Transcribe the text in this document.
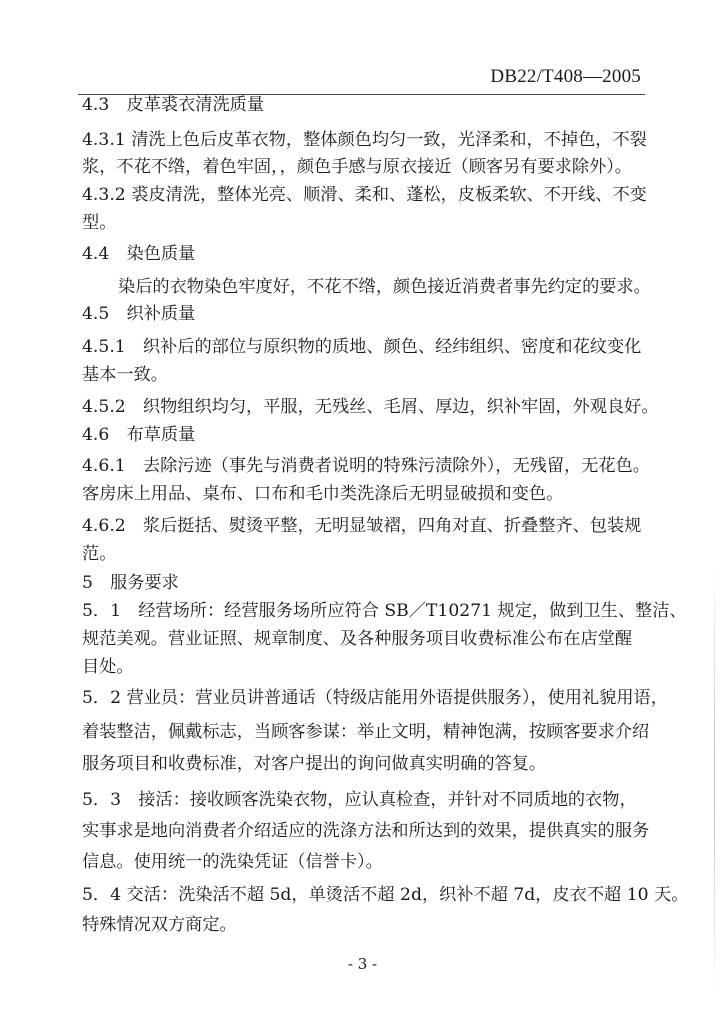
DB22/T408—2005
4.3　皮革裘衣清洗质量
4.3.1 清洗上色后皮革衣物，整体颜色均匀一致，光泽柔和，不掉色，不裂
浆，不花不绺，着色牢固，，颜色手感与原衣接近（顾客另有要求除外）。
4.3.2 裘皮清洗，整体光亮、顺滑、柔和、蓬松，皮板柔软、不开线、不变
型。
4.4　染色质量
染后的衣物染色牢度好，不花不绺，颜色接近消费者事先约定的要求。
4.5　织补质量
4.5.1　织补后的部位与原织物的质地、颜色、经纬组织、密度和花纹变化
基本一致。
4.5.2　织物组织均匀，平服，无残丝、毛屑、厚边，织补牢固，外观良好。
4.6　布草质量
4.6.1　去除污迹（事先与消费者说明的特殊污渍除外），无残留，无花色。
客房床上用品、桌布、口布和毛巾类洗涤后无明显破损和变色。
4.6.2　浆后挺括、熨烫平整，无明显皱褶，四角对直、折叠整齐、包装规
范。
5　服务要求
5．1　经营场所：经营服务场所应符合 SB／T10271 规定，做到卫生、整洁、
规范美观。营业证照、规章制度、及各种服务项目收费标准公布在店堂醒
目处。
5．2 营业员：营业员讲普通话（特级店能用外语提供服务），使用礼貌用语，
着装整洁，佩戴标志，当顾客参谋：举止文明，精神饱满，按顾客要求介绍
服务项目和收费标准，对客户提出的询问做真实明确的答复。
5．3　接活：接收顾客洗染衣物，应认真检查，并针对不同质地的衣物，
实事求是地向消费者介绍适应的洗涤方法和所达到的效果，提供真实的服务
信息。使用统一的洗染凭证（信誉卡）。
5．4 交活：洗染活不超 5d，单烫活不超 2d，织补不超 7d，皮衣不超 10 天。
特殊情况双方商定。
- 3 -
